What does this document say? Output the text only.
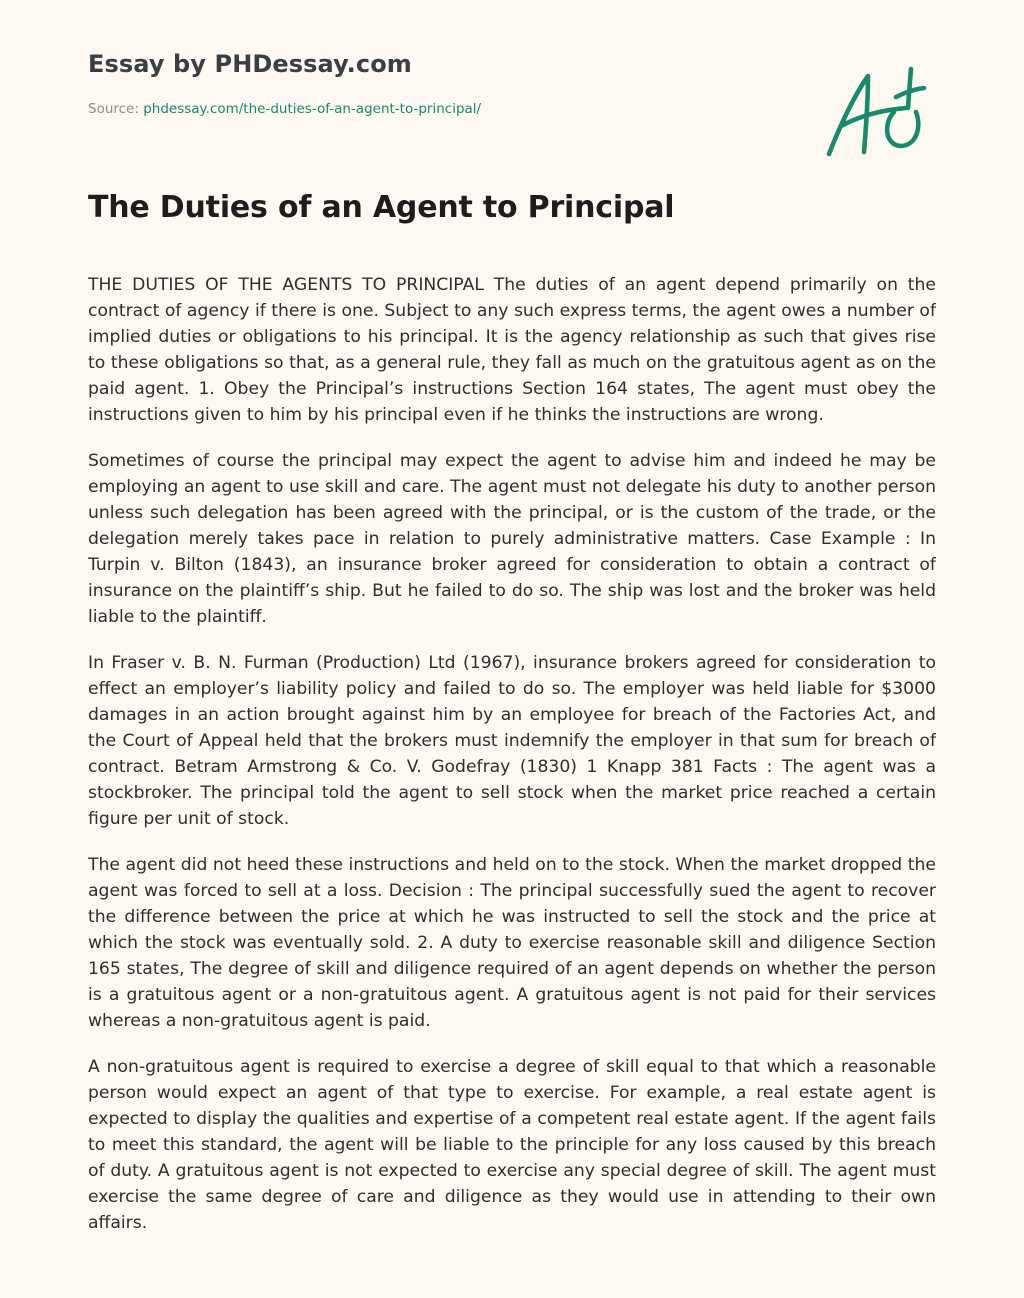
Essay by PHDessay.com
Source: phdessay.com/the-duties-of-an-agent-to-principal/
The Duties of an Agent to Principal

THE DUTIES OF THE AGENTS TO PRINCIPAL The duties of an agent depend primarily on the contract of agency if there is one. Subject to any such express terms, the agent owes a number of implied duties or obligations to his principal. It is the agency relationship as such that gives rise to these obligations so that, as a general rule, they fall as much on the gratuitous agent as on the paid agent. 1. Obey the Principal’s instructions Section 164 states, The agent must obey the instructions given to him by his principal even if he thinks the instructions are wrong.

Sometimes of course the principal may expect the agent to advise him and indeed he may be employing an agent to use skill and care. The agent must not delegate his duty to another person unless such delegation has been agreed with the principal, or is the custom of the trade, or the delegation merely takes pace in relation to purely administrative matters. Case Example : In Turpin v. Bilton (1843), an insurance broker agreed for consideration to obtain a contract of insurance on the plaintiff’s ship. But he failed to do so. The ship was lost and the broker was held liable to the plaintiff.

In Fraser v. B. N. Furman (Production) Ltd (1967), insurance brokers agreed for consideration to effect an employer’s liability policy and failed to do so. The employer was held liable for $3000 damages in an action brought against him by an employee for breach of the Factories Act, and the Court of Appeal held that the brokers must indemnify the employer in that sum for breach of contract. Betram Armstrong & Co. V. Godefray (1830) 1 Knapp 381 Facts : The agent was a stockbroker. The principal told the agent to sell stock when the market price reached a certain figure per unit of stock.

The agent did not heed these instructions and held on to the stock. When the market dropped the agent was forced to sell at a loss. Decision : The principal successfully sued the agent to recover the difference between the price at which he was instructed to sell the stock and the price at which the stock was eventually sold. 2. A duty to exercise reasonable skill and diligence Section 165 states, The degree of skill and diligence required of an agent depends on whether the person is a gratuitous agent or a non-gratuitous agent. A gratuitous agent is not paid for their services whereas a non-gratuitous agent is paid.

A non-gratuitous agent is required to exercise a degree of skill equal to that which a reasonable person would expect an agent of that type to exercise. For example, a real estate agent is expected to display the qualities and expertise of a competent real estate agent. If the agent fails to meet this standard, the agent will be liable to the principle for any loss caused by this breach of duty. A gratuitous agent is not expected to exercise any special degree of skill. The agent must exercise the same degree of care and diligence as they would use in attending to their own affairs.
